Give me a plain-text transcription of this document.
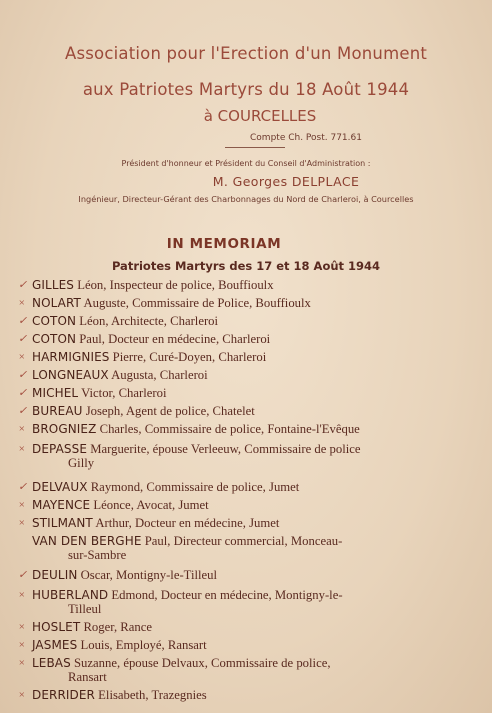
Association pour l'Erection d'un Monument
aux Patriotes Martyrs du 18 Août 1944
à COURCELLES
Compte Ch. Post. 771.61
Président d'honneur et Président du Conseil d'Administration :
M. Georges DELPLACE
Ingénieur, Directeur-Gérant des Charbonnages du Nord de Charleroi, à Courcelles
IN MEMORIAM
Patriotes Martyrs des 17 et 18 Août 1944
✓ GILLES Léon, Inspecteur de police, Bouffioulx
× NOLART Auguste, Commissaire de Police, Bouffioulx
✓ COTON Léon, Architecte, Charleroi
✓ COTON Paul, Docteur en médecine, Charleroi
× HARMIGNIES Pierre, Curé-Doyen, Charleroi
✓ LONGNEAUX Augusta, Charleroi
✓ MICHEL Victor, Charleroi
✓ BUREAU Joseph, Agent de police, Chatelet
× BROGNIEZ Charles, Commissaire de police, Fontaine-l'Evêque
× DEPASSE Marguerite, épouse Verleeuw, Commissaire de police
Gilly
✓ DELVAUX Raymond, Commissaire de police, Jumet
× MAYENCE Léonce, Avocat, Jumet
× STILMANT Arthur, Docteur en médecine, Jumet
VAN DEN BERGHE Paul, Directeur commercial, Monceau-
sur-Sambre
✓ DEULIN Oscar, Montigny-le-Tilleul
× HUBERLAND Edmond, Docteur en médecine, Montigny-le-
Tilleul
× HOSLET Roger, Rance
× JASMES Louis, Employé, Ransart
× LEBAS Suzanne, épouse Delvaux, Commissaire de police,
Ransart
× DERRIDER Elisabeth, Trazegnies
